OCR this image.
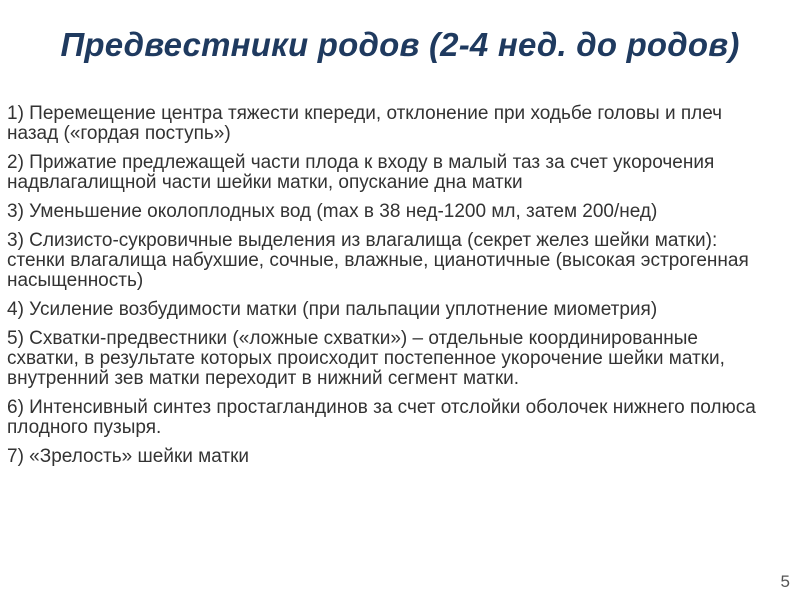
Предвестники родов (2-4 нед. до родов)
1) Перемещение центра тяжести кпереди, отклонение при ходьбе головы и плеч назад («гордая поступь»)
2) Прижатие предлежащей части плода к входу в малый таз за счет укорочения надвлагалищной части шейки матки, опускание дна матки
3) Уменьшение околоплодных вод (max в 38 нед-1200 мл, затем 200/нед)
3) Слизисто-сукровичные выделения из влагалища (секрет желез шейки матки): стенки влагалища набухшие, сочные, влажные, цианотичные (высокая эстрогенная насыщенность)
4) Усиление возбудимости матки (при пальпации уплотнение миометрия)
5) Схватки-предвестники («ложные схватки») – отдельные координированные схватки, в результате которых происходит постепенное укорочение шейки матки, внутренний зев матки переходит в нижний сегмент матки.
6) Интенсивный синтез простагландинов за счет отслойки оболочек нижнего полюса плодного пузыря.
7) «Зрелость» шейки матки
5
